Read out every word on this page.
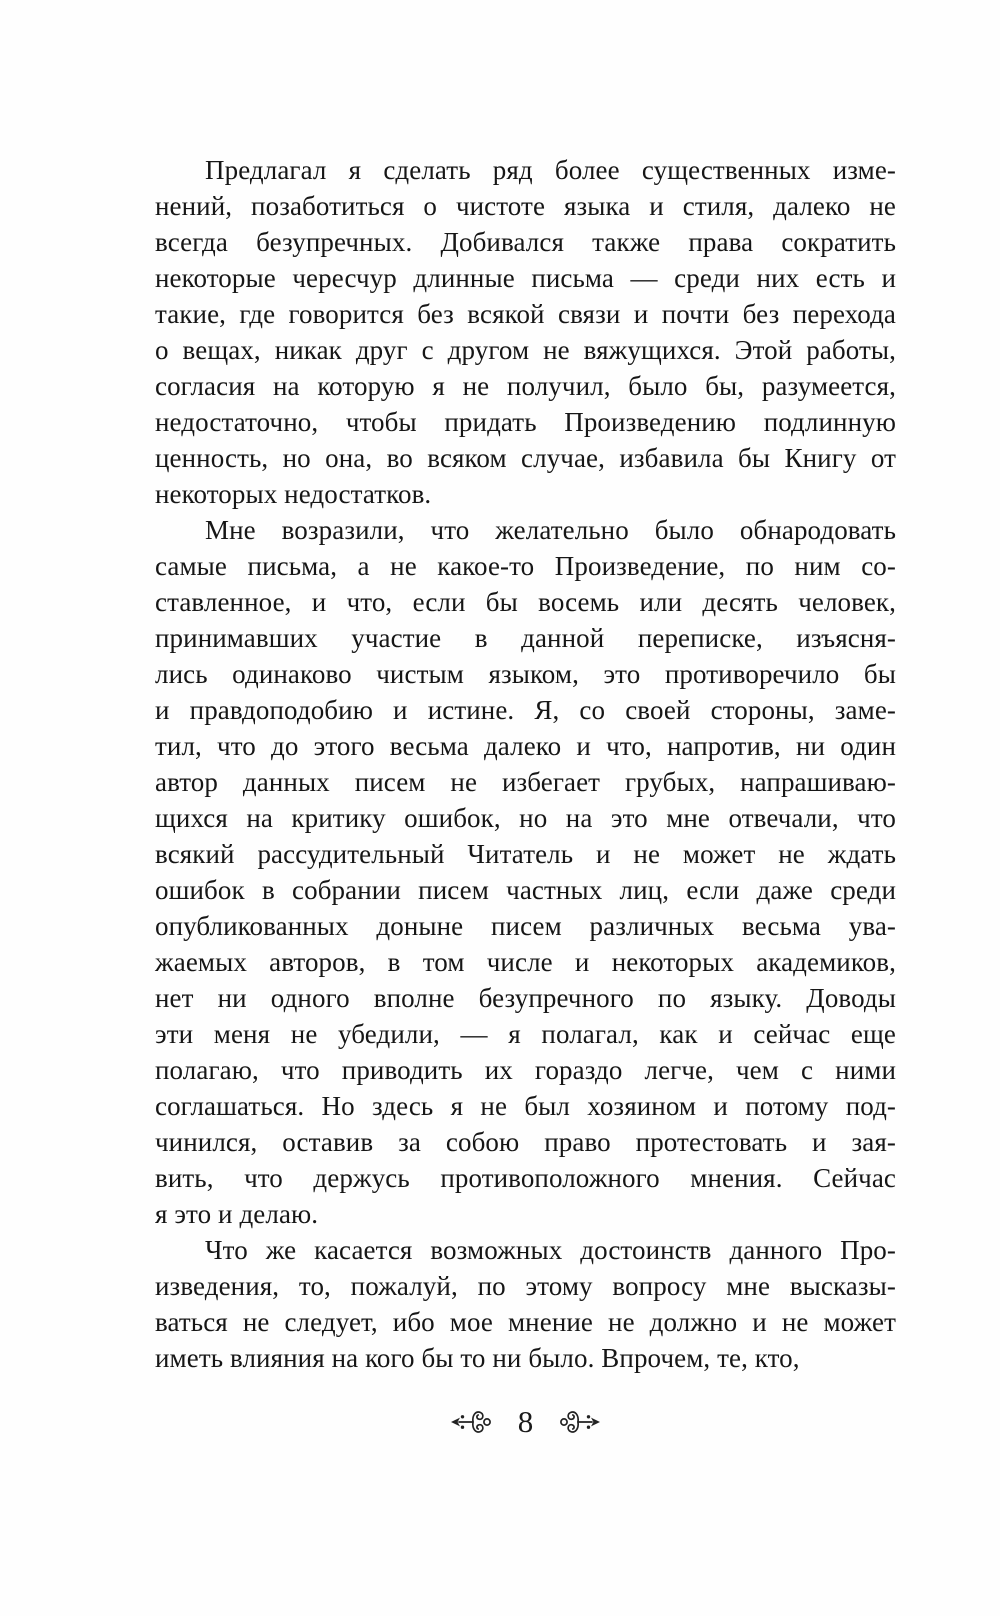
Предлагал я сделать ряд более существенных изме-
нений, позаботиться о чистоте языка и стиля, далеко не
всегда безупречных. Добивался также права сократить
некоторые чересчур длинные письма — среди них есть и
такие, где говорится без всякой связи и почти без перехода
о вещах, никак друг с другом не вяжущихся. Этой работы,
согласия на которую я не получил, было бы, разумеется,
недостаточно, чтобы придать Произведению подлинную
ценность, но она, во всяком случае, избавила бы Книгу от
некоторых недостатков.
Мне возразили, что желательно было обнародовать
самые письма, а не какое-то Произведение, по ним со-
ставленное, и что, если бы восемь или десять человек,
принимавших участие в данной переписке, изъясня-
лись одинаково чистым языком, это противоречило бы
и правдоподобию и истине. Я, со своей стороны, заме-
тил, что до этого весьма далеко и что, напротив, ни один
автор данных писем не избегает грубых, напрашиваю-
щихся на критику ошибок, но на это мне отвечали, что
всякий рассудительный Читатель и не может не ждать
ошибок в собрании писем частных лиц, если даже среди
опубликованных доныне писем различных весьма ува-
жаемых авторов, в том числе и некоторых академиков,
нет ни одного вполне безупречного по языку. Доводы
эти меня не убедили, — я полагал, как и сейчас еще
полагаю, что приводить их гораздо легче, чем с ними
соглашаться. Но здесь я не был хозяином и потому под-
чинился, оставив за собою право протестовать и зая-
вить, что держусь противоположного мнения. Сейчас
я это и делаю.
Что же касается возможных достоинств данного Про-
изведения, то, пожалуй, по этому вопросу мне высказы-
ваться не следует, ибо мое мнение не должно и не может
иметь влияния на кого бы то ни было. Впрочем, те, кто,
8
